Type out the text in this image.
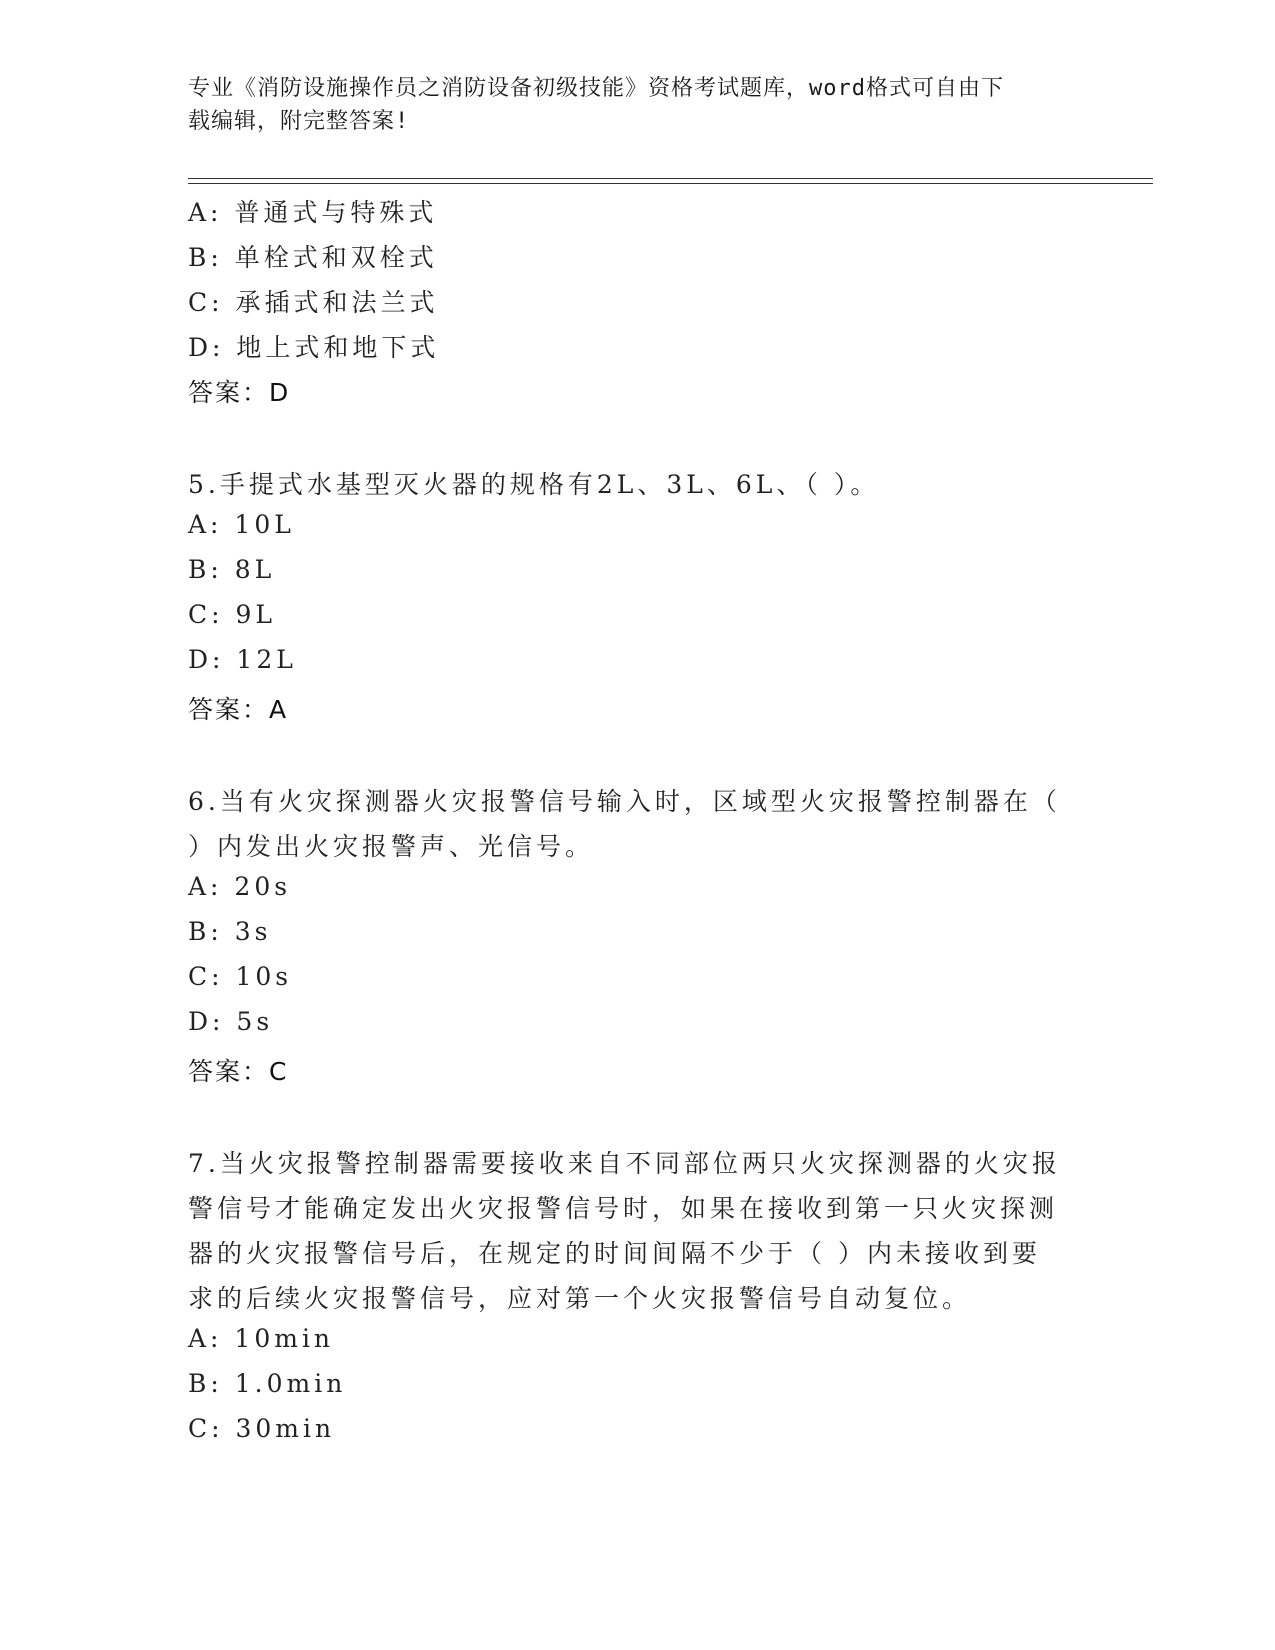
专业《消防设施操作员之消防设备初级技能》资格考试题库，word格式可自由下
载编辑，附完整答案!
A: 普通式与特殊式
B: 单栓式和双栓式
C: 承插式和法兰式
D: 地上式和地下式
答案：D
5.手提式水基型灭火器的规格有2L、3L、6L、（ ）。
A: 10L
B: 8L
C: 9L
D: 12L
答案：A
6.当有火灾探测器火灾报警信号输入时，区域型火灾报警控制器在（
）内发出火灾报警声、光信号。
A: 20s
B: 3s
C: 10s
D: 5s
答案：C
7.当火灾报警控制器需要接收来自不同部位两只火灾探测器的火灾报
警信号才能确定发出火灾报警信号时，如果在接收到第一只火灾探测
器的火灾报警信号后，在规定的时间间隔不少于（ ）内未接收到要
求的后续火灾报警信号，应对第一个火灾报警信号自动复位。
A: 10min
B: 1.0min
C: 30min
